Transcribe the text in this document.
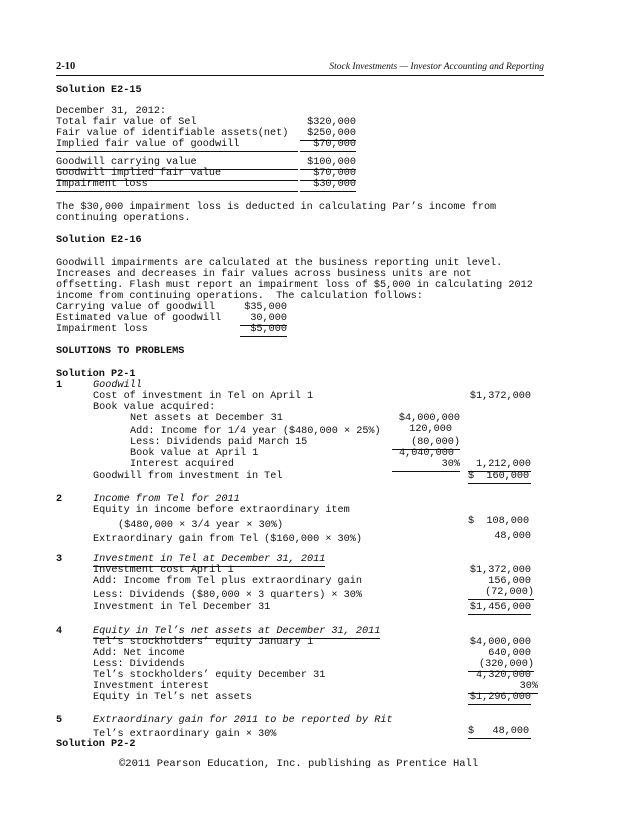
2-10	Stock Investments — Investor Accounting and Reporting
Solution E2-15
December 31, 2012:
Total fair value of Sel	$320,000
Fair value of identifiable assets(net)	$250,000
Implied fair value of goodwill	$70,000
Goodwill carrying value	$100,000
Goodwill implied fair value	$70,000
Impairment loss	$30,000
The $30,000 impairment loss is deducted in calculating Par’s income from
continuing operations.
Solution E2-16
Goodwill impairments are calculated at the business reporting unit level.
Increases and decreases in fair values across business units are not
offsetting. Flash must report an impairment loss of $5,000 in calculating 2012
income from continuing operations.  The calculation follows:
Carrying value of goodwill	$35,000
Estimated value of goodwill	30,000
Impairment loss	$5,000
SOLUTIONS TO PROBLEMS
Solution P2-1
1	Goodwill
Cost of investment in Tel on April 1	$1,372,000
Book value acquired:
Net assets at December 31	$4,000,000
Add: Income for 1/4 year ($480,000 × 25%)	120,000
Less: Dividends paid March 15	(80,000)
Book value at April 1	4,040,000
Interest acquired	30%	1,212,000
Goodwill from investment in Tel	$  160,000
2	Income from Tel for 2011
Equity in income before extraordinary item
($480,000 × 3/4 year × 30%)	$  108,000
Extraordinary gain from Tel ($160,000 × 30%)	48,000
3	Investment in Tel at December 31, 2011
Investment cost April 1	$1,372,000
Add: Income from Tel plus extraordinary gain	156,000
Less: Dividends ($80,000 × 3 quarters) × 30%	(72,000)
Investment in Tel December 31	$1,456,000
4	Equity in Tel’s net assets at December 31, 2011
Tel’s stockholders’ equity January 1	$4,000,000
Add: Net income	640,000
Less: Dividends	(320,000)
Tel’s stockholders’ equity December 31	4,320,000
Investment interest	30%
Equity in Tel’s net assets	$1,296,000
5	Extraordinary gain for 2011 to be reported by Rit
Tel’s extraordinary gain × 30%	$   48,000
Solution P2-2
©2011 Pearson Education, Inc. publishing as Prentice Hall
